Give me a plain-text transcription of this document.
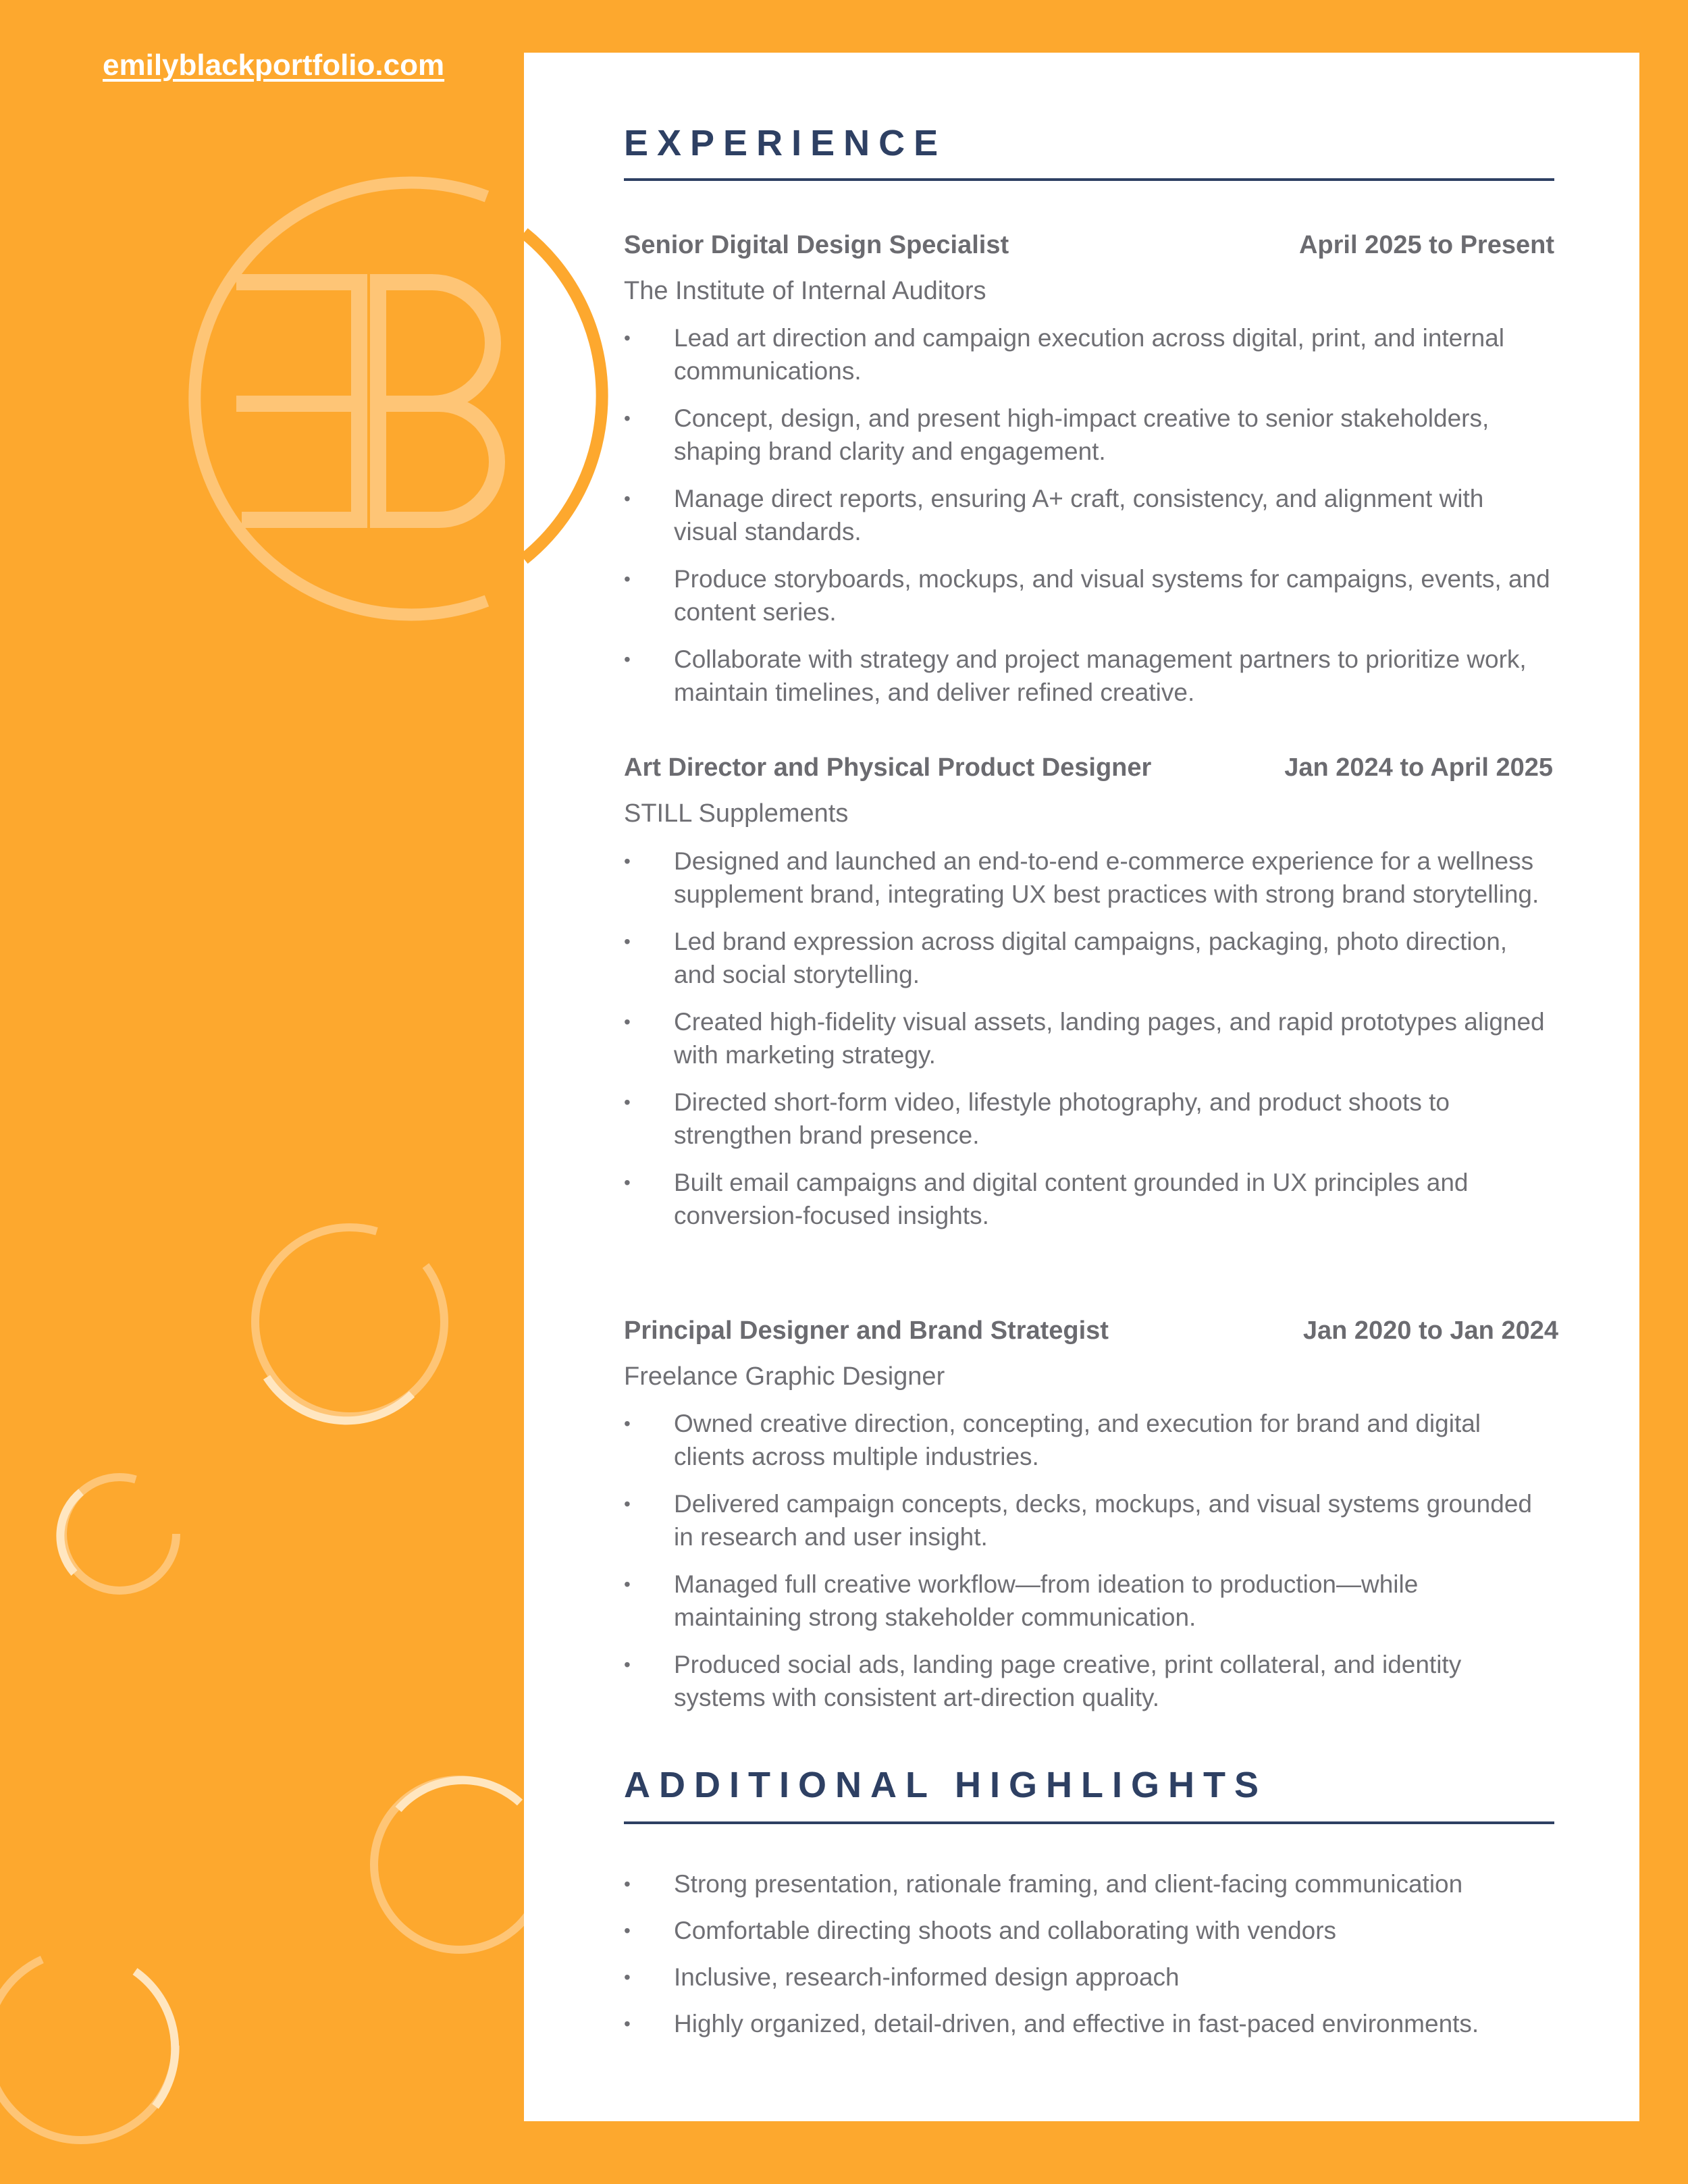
emilyblackportfolio.com
EXPERIENCE
Senior Digital Design Specialist	April 2025 to Present
The Institute of Internal Auditors
• Lead art direction and campaign execution across digital, print, and internal communications.
• Concept, design, and present high-impact creative to senior stakeholders, shaping brand clarity and engagement.
• Manage direct reports, ensuring A+ craft, consistency, and alignment with visual standards.
• Produce storyboards, mockups, and visual systems for campaigns, events, and content series.
• Collaborate with strategy and project management partners to prioritize work, maintain timelines, and deliver refined creative.
Art Director and Physical Product Designer	Jan 2024 to April 2025
STILL Supplements
• Designed and launched an end-to-end e-commerce experience for a wellness supplement brand, integrating UX best practices with strong brand storytelling.
• Led brand expression across digital campaigns, packaging, photo direction, and social storytelling.
• Created high-fidelity visual assets, landing pages, and rapid prototypes aligned with marketing strategy.
• Directed short-form video, lifestyle photography, and product shoots to strengthen brand presence.
• Built email campaigns and digital content grounded in UX principles and conversion-focused insights.
Principal Designer and Brand Strategist	Jan 2020 to Jan 2024
Freelance Graphic Designer
• Owned creative direction, concepting, and execution for brand and digital clients across multiple industries.
• Delivered campaign concepts, decks, mockups, and visual systems grounded in research and user insight.
• Managed full creative workflow—from ideation to production—while maintaining strong stakeholder communication.
• Produced social ads, landing page creative, print collateral, and identity systems with consistent art-direction quality.
ADDITIONAL HIGHLIGHTS
• Strong presentation, rationale framing, and client-facing communication
• Comfortable directing shoots and collaborating with vendors
• Inclusive, research-informed design approach
• Highly organized, detail-driven, and effective in fast-paced environments.
